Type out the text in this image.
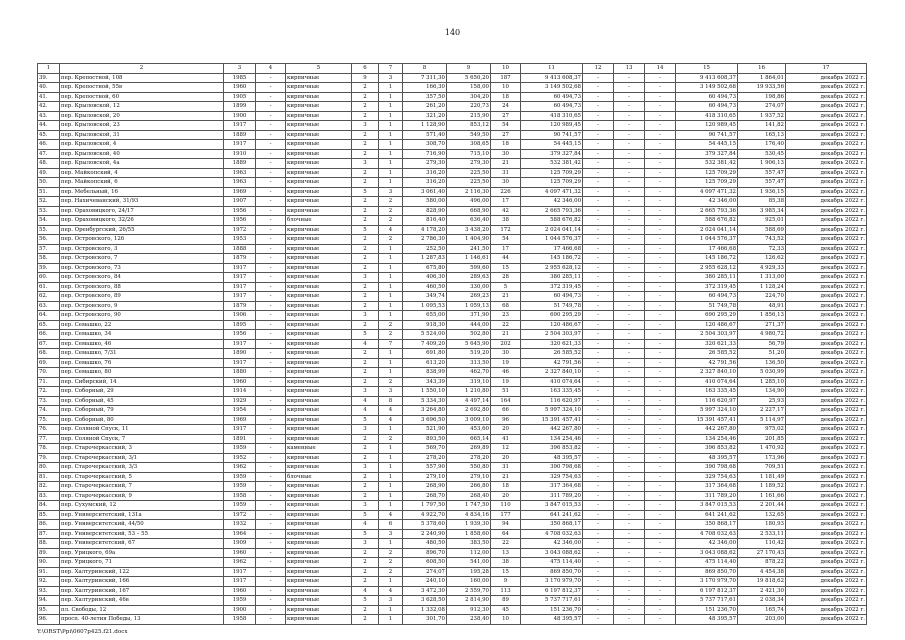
140
1	2	3	4	5	6	7	8	9	10	11	12	13	14	15	16	17
39.	пер. Крепостной, 108	1985	-	кирпичные	9	3	7 311,30	5 650,20	187	9 413 608,37	-	-	-	9 413 608,37	1 864,01	декабрь 2022 г.
40.	пер. Крепостной, 55в	1960	-	кирпичные	2	1	166,30	158,00	10	3 149 502,68	-	-	-	3 149 502,68	19 933,56	декабрь 2022 г.
41.	пер. Крепостной, 60	1905	-	кирпичные	2	1	357,50	304,20	18	60 494,73	-	-	-	60 494,73	198,86	декабрь 2022 г.
42.	пер. Крыловской, 12	1899	-	кирпичные	2	1	261,20	220,73	24	60 494,73	-	-	-	60 494,73	274,07	декабрь 2022 г.
43.	пер. Крыловской, 20	1900	-	кирпичные	2	1	321,20	215,90	27	418 310,65	-	-	-	418 310,65	1 937,52	декабрь 2022 г.
44.	пер. Крыловской, 23	1917	-	кирпичные	3	1	1 128,90	853,12	54	120 989,45	-	-	-	120 989,45	141,82	декабрь 2022 г.
45.	пер. Крыловской, 31	1889	-	кирпичные	2	1	571,40	549,50	27	90 741,57	-	-	-	90 741,57	165,13	декабрь 2022 г.
46.	пер. Крыловской, 4	1917	-	кирпичные	2	1	308,70	308,65	18	54 445,15	-	-	-	54 445,15	176,40	декабрь 2022 г.
47.	пер. Крыловской, 40	1910	-	кирпичные	2	1	716,90	715,10	30	379 327,84	-	-	-	379 327,84	530,45	декабрь 2022 г.
48.	пер. Крыловской, 4а	1889	-	кирпичные	3	1	279,30	279,30	21	532 381,42	-	-	-	532 381,42	1 906,13	декабрь 2022 г.
49.	пер. Майкопский, 4	1963	-	кирпичные	2	1	316,20	225,50	31	125 709,29	-	-	-	125 709,29	557,47	декабрь 2022 г.
50.	пер. Майкопский, 6	1963	-	кирпичные	2	1	316,20	225,50	30	125 709,29	-	-	-	125 709,29	557,47	декабрь 2022 г.
51.	пер. Мебельный, 16	1969	-	кирпичные	5	3	3 061,40	2 116,30	226	4 097 471,32	-	-	-	4 097 471,32	1 936,15	декабрь 2022 г.
52.	пер. Нахичеванский, 31/93	1907	-	кирпичные	2	2	580,00	496,00	17	42 346,00	-	-	-	42 346,00	85,38	декабрь 2022 г.
53.	пер. Ораховицкого, 24/17	1956	-	кирпичные	2	2	828,90	668,90	42	2 665 793,36	-	-	-	2 665 793,36	3 985,34	декабрь 2022 г.
54.	пер. Ораховицкого, 32/26	1956	-	блочные	2	2	816,40	636,40	38	588 676,82	-	-	-	588 676,82	925,01	декабрь 2022 г.
55.	пер. Оренбургский, 26/55	1972	-	кирпичные	5	4	4 178,20	3 438,20	172	2 024 041,14	-	-	-	2 024 041,14	588,69	декабрь 2022 г.
56.	пер. Островского, 126	1953	-	кирпичные	2	2	2 786,30	1 404,90	54	1 044 576,37	-	-	-	1 044 576,37	743,52	декабрь 2022 г.
57.	пер. Островского, 3	1888	-	кирпичные	2	1	252,50	241,50	17	17 466,68	-	-	-	17 466,68	72,33	декабрь 2022 г.
58.	пер. Островского, 7	1879	-	кирпичные	2	1	1 287,83	1 146,61	44	145 186,72	-	-	-	145 186,72	126,62	декабрь 2022 г.
59.	пер. Островского, 73	1917	-	кирпичные	2	1	675,80	599,60	15	2 955 628,12	-	-	-	2 955 628,12	4 929,33	декабрь 2022 г.
60.	пер. Островского, 84	1917	-	кирпичные	3	1	406,30	289,63	28	380 285,11	-	-	-	380 285,11	1 313,00	декабрь 2022 г.
61.	пер. Островского, 88	1917	-	кирпичные	2	1	460,50	330,00	5	372 319,45	-	-	-	372 319,45	1 128,24	декабрь 2022 г.
62.	пер. Островского, 89	1917	-	кирпичные	2	1	349,74	269,23	21	60 494,73	-	-	-	60 494,73	224,70	декабрь 2022 г.
63.	пер. Островского, 9	1879	-	кирпичные	2	1	1 095,53	1 059,13	68	51 749,78	-	-	-	51 749,78	48,91	декабрь 2022 г.
64.	пер. Островского, 90	1906	-	кирпичные	3	1	655,00	371,90	23	690 295,29	-	-	-	690 295,29	1 856,13	декабрь 2022 г.
65.	пер. Семашко, 22	1895	-	кирпичные	2	2	918,30	444,00	22	120 486,67	-	-	-	120 486,67	271,37	декабрь 2022 г.
66.	пер. Семашко, 34	1956	-	кирпичные	5	2	5 524,00	502,80	21	2 504 303,97	-	-	-	2 504 303,97	4 980,72	декабрь 2022 г.
67.	пер. Семашко, 46	1917	-	кирпичные	4	7	7 409,20	5 645,90	202	320 621,33	-	-	-	320 621,33	56,79	декабрь 2022 г.
68.	пер. Семашко, 7/31	1890	-	кирпичные	2	1	691,80	519,20	30	26 585,52	-	-	-	26 585,52	51,20	декабрь 2022 г.
69.	пер. Семашко, 76	1917	-	кирпичные	2	1	613,20	313,50	19	42 791,56	-	-	-	42 791,56	136,50	декабрь 2022 г.
70.	пер. Семашко, 80	1880	-	кирпичные	2	1	838,99	462,70	46	2 327 840,10	-	-	-	2 327 840,10	5 030,99	декабрь 2022 г.
71.	пер. Сибирский, 14	1960	-	кирпичные	2	2	343,39	319,10	19	410 074,64	-	-	-	410 074,64	1 285,10	декабрь 2022 г.
72.	пер. Соборный, 29	1914	-	кирпичные	3	3	1 550,10	1 210,80	51	163 335,45	-	-	-	163 335,45	134,90	декабрь 2022 г.
73.	пер. Соборный, 45	1929	-	кирпичные	4	8	5 334,30	4 497,14	164	116 620,97	-	-	-	116 620,97	25,93	декабрь 2022 г.
74.	пер. Соборный, 79	1954	-	кирпичные	4	4	3 264,80	2 692,80	66	5 997 324,10	-	-	-	5 997 324,10	2 227,17	декабрь 2022 г.
75.	пер. Соборный, 80	1969	-	кирпичные	5	4	3 696,50	3 009,10	96	15 391 457,41	-	-	-	15 391 457,41	5 114,97	декабрь 2022 г.
76.	пер. Соляной Спуск, 11	1917	-	кирпичные	3	1	521,90	453,60	20	442 267,80	-	-	-	442 267,80	975,02	декабрь 2022 г.
77.	пер. Соляной Спуск, 7	1891	-	кирпичные	2	2	893,50	665,14	41	134 254,46	-	-	-	134 254,46	201,85	декабрь 2022 г.
78.	пер. Старочеркасский, 3	1959	-	каменные	2	1	569,70	269,89	12	396 853,82	-	-	-	396 853,82	1 470,92	декабрь 2022 г.
79.	пер. Старочеркасский, 3/1	1952	-	кирпичные	2	1	278,20	278,20	20	48 395,57	-	-	-	48 395,57	173,96	декабрь 2022 г.
80.	пер. Старочеркасский, 3/3	1962	-	кирпичные	3	1	557,90	550,80	31	390 798,68	-	-	-	390 798,68	709,51	декабрь 2022 г.
81.	пер. Старочеркасский, 5	1959	-	блочные	2	1	279,10	279,10	21	329 754,63	-	-	-	329 754,63	1 181,49	декабрь 2022 г.
82.	пер. Старочеркасский, 7	1959	-	кирпичные	2	1	268,90	266,80	18	317 364,68	-	-	-	317 364,68	1 189,52	декабрь 2022 г.
83.	пер. Старочеркасский, 9	1958	-	кирпичные	2	1	268,70	268,40	20	311 789,20	-	-	-	311 789,20	1 161,66	декабрь 2022 г.
84.	пер. Сухумский, 12	1959	-	кирпичные	3	1	1 797,50	1 747,50	110	3 847 015,53	-	-	-	3 847 015,53	2 201,44	декабрь 2022 г.
85.	пер. Университетский, 131а	1972	-	кирпичные	5	4	4 922,70	4 834,16	177	641 241,62	-	-	-	641 241,62	132,65	декабрь 2022 г.
86.	пер. Университетский, 44/50	1932	-	кирпичные	4	6	5 378,60	1 939,30	94	350 868,17	-	-	-	350 868,17	180,93	декабрь 2022 г.
87.	пер. Университетский, 53 – 55	1964	-	кирпичные	5	3	2 240,90	1 858,60	64	4 708 032,63	-	-	-	4 708 032,63	2 533,11	декабрь 2022 г.
88.	пер. Университетский, 67	1909	-	кирпичные	3	1	480,50	383,50	22	42 346,00	-	-	-	42 346,00	110,42	декабрь 2022 г.
89.	пер. Урицкого, 69а	1960	-	кирпичные	2	2	896,70	112,00	13	3 043 088,62	-	-	-	3 043 088,62	27 170,43	декабрь 2022 г.
90.	пер. Урицкого, 71	1962	-	кирпичные	2	2	608,50	541,00	38	475 114,40	-	-	-	475 114,40	878,22	декабрь 2022 г.
91.	пер. Халтуринский, 122	1917	-	кирпичные	2	2	274,07	195,28	15	869 850,70	-	-	-	869 850,70	4 454,38	декабрь 2022 г.
92.	пер. Халтуринский, 166	1917	-	кирпичные	2	1	240,10	160,00	9	3 170 979,70	-	-	-	3 170 979,70	19 818,62	декабрь 2022 г.
93.	пер. Халтуринский, 167	1960	-	кирпичные	4	4	3 472,30	2 559,70	113	6 197 812,37	-	-	-	6 197 812,37	2 421,30	декабрь 2022 г.
94.	пер. Халтуринский, 46в	1959	-	кирпичные	5	3	3 628,50	2 814,90	89	5 737 717,61	-	-	-	5 737 717,61	2 038,34	декабрь 2022 г.
95.	пл. Свободы, 12	1900	-	кирпичные	2	1	1 332,08	912,30	45	151 236,70	-	-	-	151 236,70	165,74	декабрь 2022 г.
96.	просп. 40-летия Победы, 13	1958	-	кирпичные	2	1	301,70	238,40	10	48 395,57	-	-	-	48 395,57	203,00	декабрь 2022 г.
Y:\ORST\Ppi\0607p425.f21.docx
